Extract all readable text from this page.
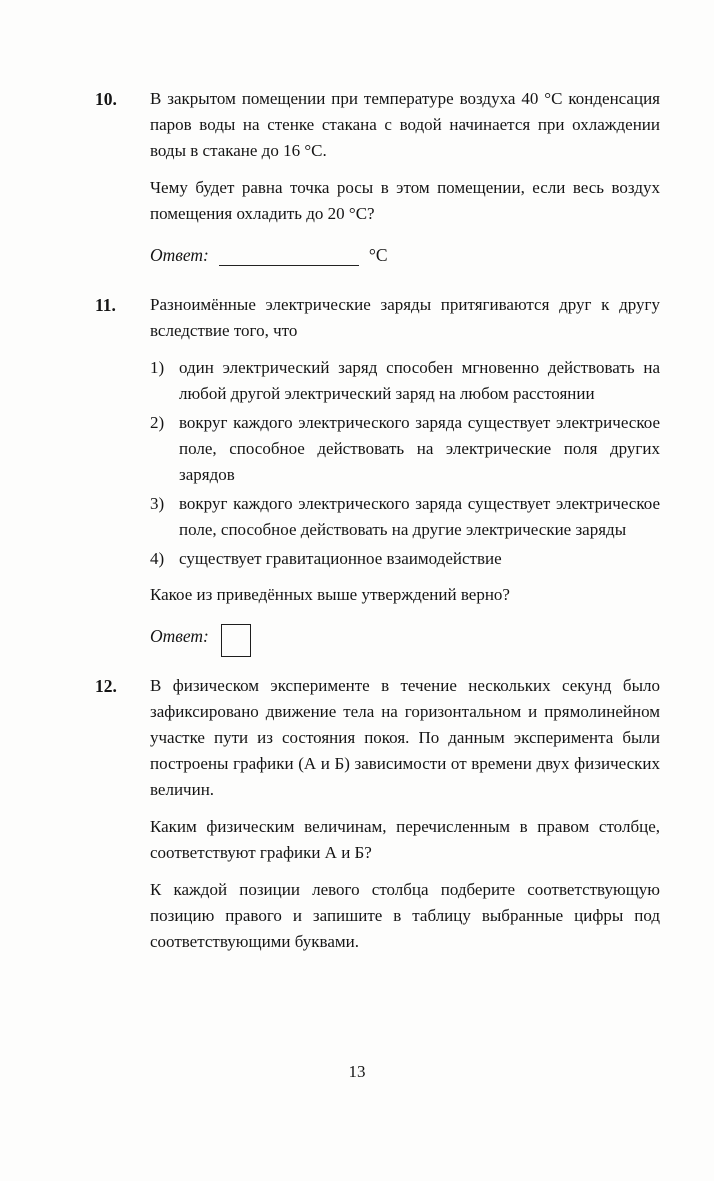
10.	В закрытом помещении при температуре воздуха 40 °С конденсация паров воды на стенке стакана с водой начинается при охлаждении воды в стакане до 16 °С.

Чему будет равна точка росы в этом помещении, если весь воздух помещения охладить до 20 °С?

Ответ:	°С
11.	Разноимённые электрические заряды притягиваются друг к другу вследствие того, что

1) один электрический заряд способен мгновенно действовать на любой другой электрический заряд на любом расстоянии
2) вокруг каждого электрического заряда существует электрическое поле, способное действовать на электрические поля других зарядов
3) вокруг каждого электрического заряда существует электрическое поле, способное действовать на другие электрические заряды
4) существует гравитационное взаимодействие

Какое из приведённых выше утверждений верно?

Ответ:
12.	В физическом эксперименте в течение нескольких секунд было зафиксировано движение тела на горизонтальном и прямолинейном участке пути из состояния покоя. По данным эксперимента были построены графики (А и Б) зависимости от времени двух физических величин.

Каким физическим величинам, перечисленным в правом столбце, соответствуют графики А и Б?

К каждой позиции левого столбца подберите соответствующую позицию правого и запишите в таблицу выбранные цифры под соответствующими буквами.

13
